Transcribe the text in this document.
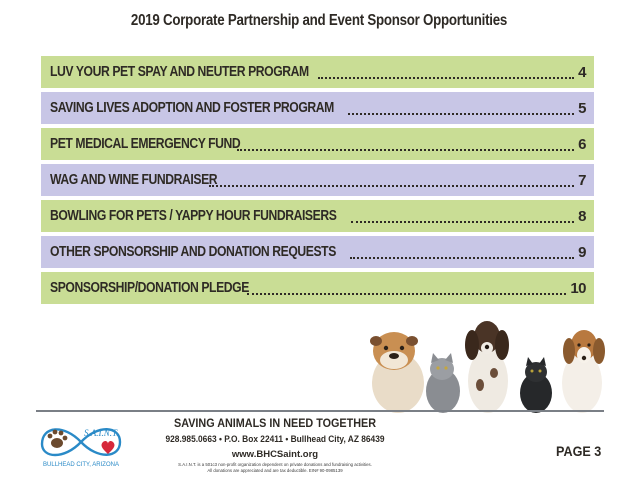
2019 Corporate Partnership and Event Sponsor Opportunities
LUV YOUR PET SPAY AND NEUTER PROGRAM	4
SAVING LIVES ADOPTION AND FOSTER PROGRAM	5
PET MEDICAL EMERGENCY FUND	6
WAG AND WINE FUNDRAISER	7
BOWLING FOR PETS / YAPPY HOUR FUNDRAISERS	8
OTHER SPONSORSHIP AND DONATION REQUESTS	9
SPONSORSHIP/DONATION PLEDGE	10
S.A.I.N.T.
BULLHEAD CITY, ARIZONA
SAVING ANIMALS IN NEED TOGETHER
928.985.0663 • P.O. Box 22411 • Bullhead City, AZ 86439
www.BHCSaint.org
S.A.I.N.T. is a 501c3 non-profit organization dependent on private donations and fundraising activities.
All donations are appreciated and are tax deductible. EIN# 90-0985139
PAGE 3
